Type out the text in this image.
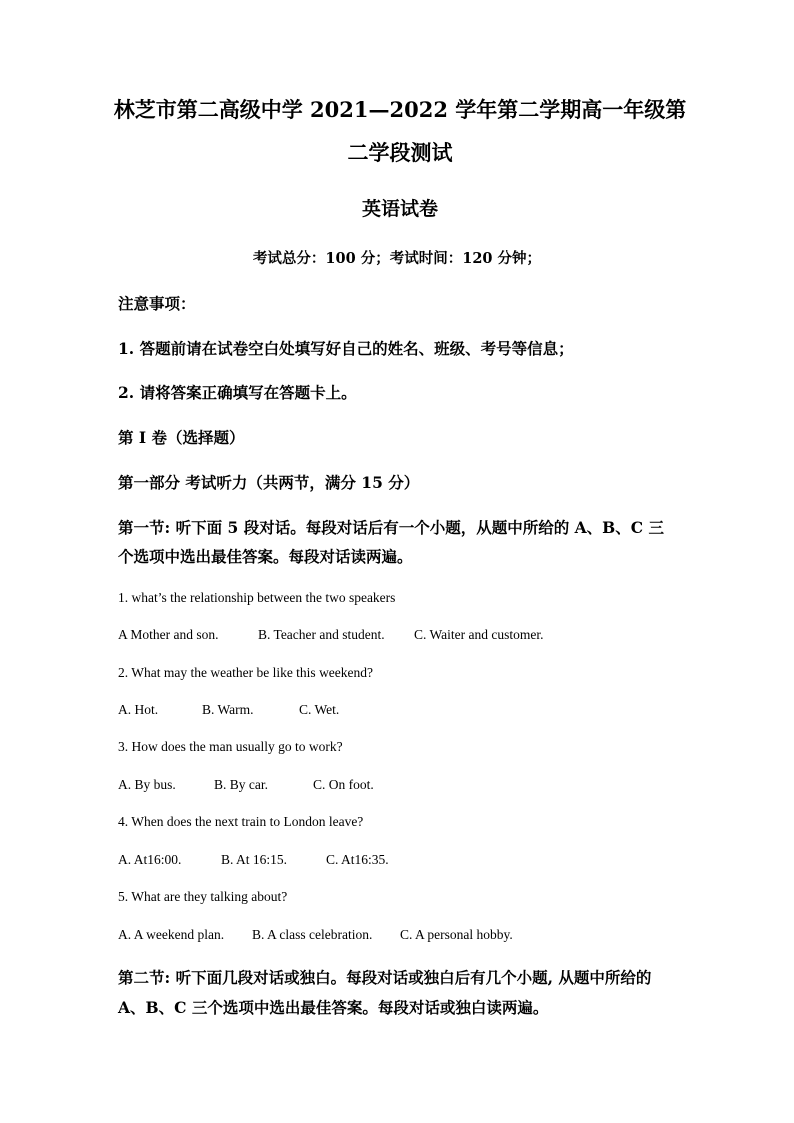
林芝市第二高级中学 2021—2022 学年第二学期高一年级第
二学段测试
英语试卷
考试总分：100 分；考试时间：120 分钟；
注意事项：
1. 答题前请在试卷空白处填写好自己的姓名、班级、考号等信息；
2. 请将答案正确填写在答题卡上。
第 I 卷（选择题）
第一部分 考试听力（共两节，满分 15 分）
第一节: 听下面 5 段对话。每段对话后有一个小题，从题中所给的 A、B、C 三
个选项中选出最佳答案。每段对话读两遍。
1. what’s the relationship between the two speakers
A Mother and son.	B. Teacher and student. C. Waiter and customer.
2. What may the weather be like this weekend?
A. Hot.	B. Warm.	C. Wet.
3. How does the man usually go to work?
A. By bus.	B. By car.	C. On foot.
4. When does the next train to London leave?
A. At16:00.	B. At 16:15.	C. At16:35.
5. What are they talking about?
A. A weekend plan. B. A class celebration. C. A personal hobby.
第二节: 听下面几段对话或独白。每段对话或独白后有几个小题, 从题中所给的
A、B、C 三个选项中选出最佳答案。每段对话或独白读两遍。
